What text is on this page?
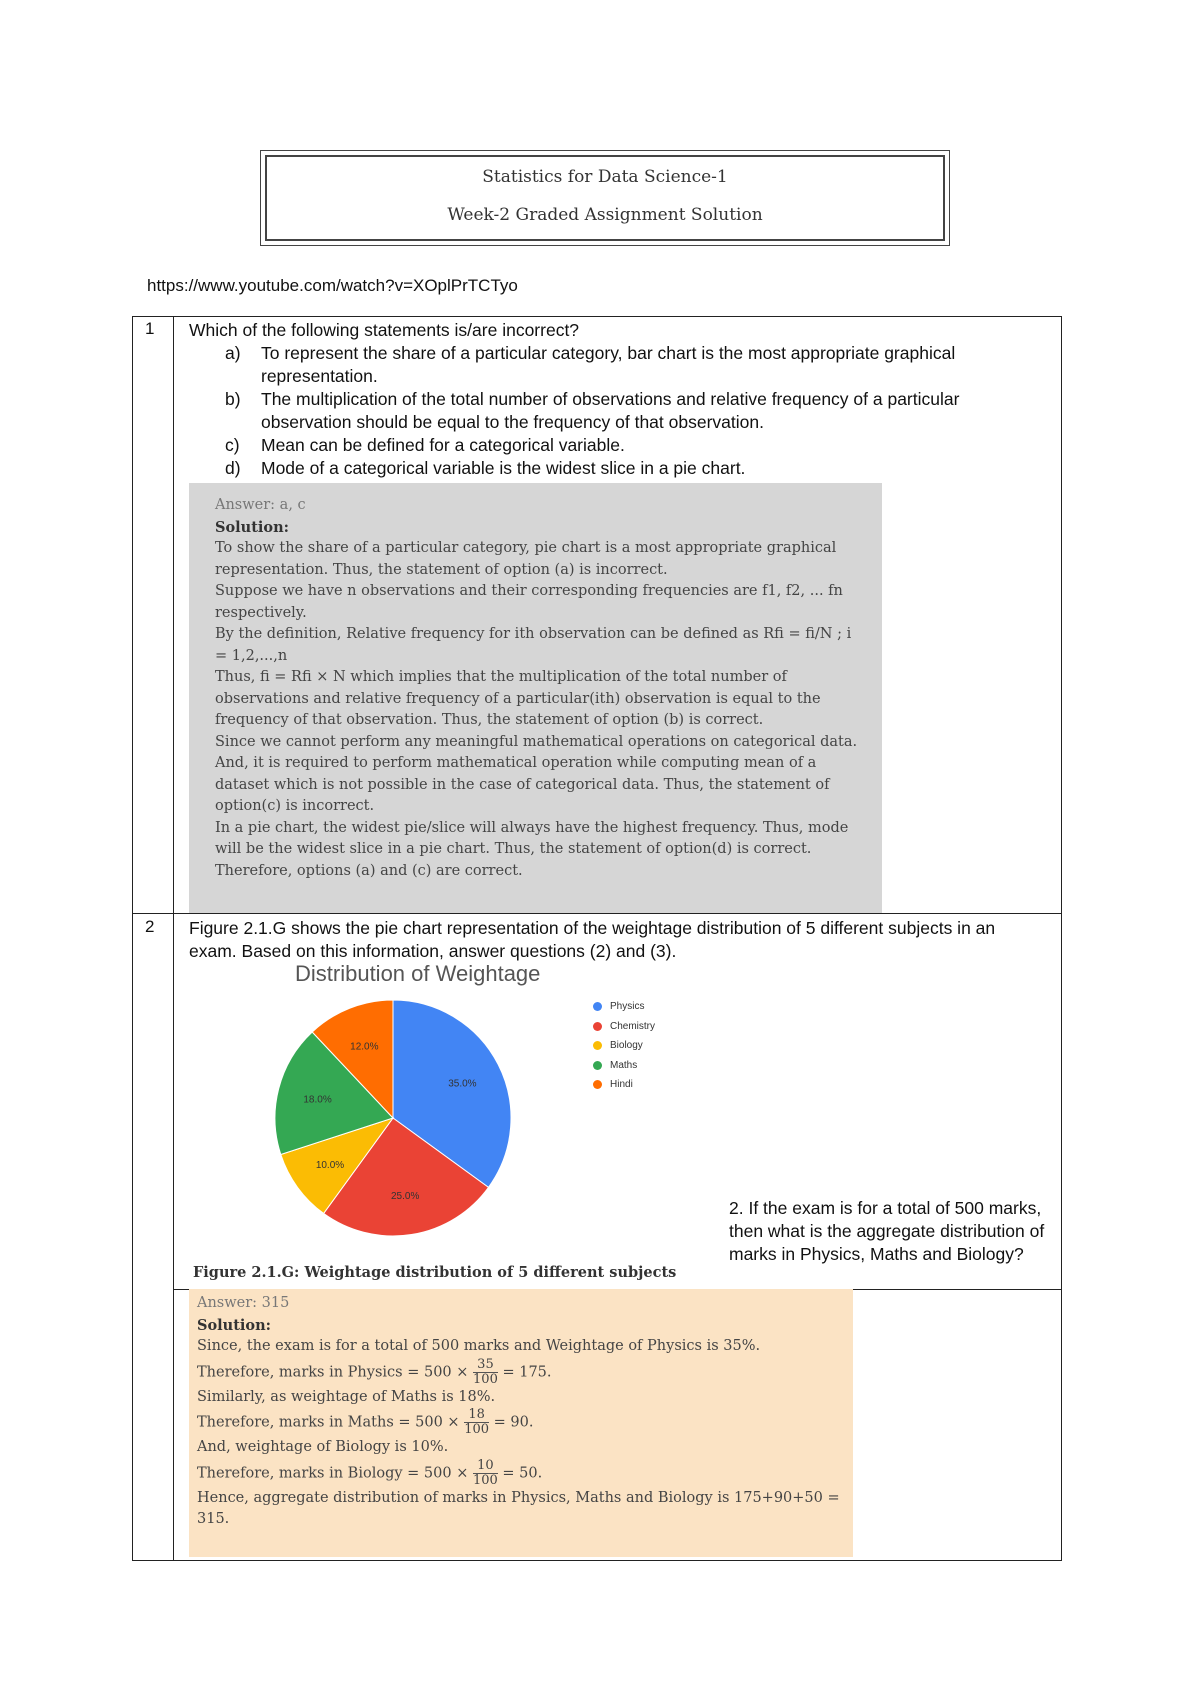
Statistics for Data Science-1
Week-2 Graded Assignment Solution
https://www.youtube.com/watch?v=XOplPrTCTyo
1 Which of the following statements is/are incorrect?
a) To represent the share of a particular category, bar chart is the most appropriate graphical representation.
b) The multiplication of the total number of observations and relative frequency of a particular observation should be equal to the frequency of that observation.
c) Mean can be defined for a categorical variable.
d) Mode of a categorical variable is the widest slice in a pie chart.

Answer: a, c

Solution:

To show the share of a particular category, pie chart is a most appropriate graphical representation. Thus, the statement of option (a) is incorrect.

Suppose we have n observations and their corresponding frequencies are f1, f2, ... fn respectively.

By the definition, Relative frequency for ith observation can be defined as Rfi = fi/N ; i = 1,2,...,n

Thus, fi = Rfi × N which implies that the multiplication of the total number of observations and relative frequency of a particular(ith) observation is equal to the frequency of that observation. Thus, the statement of option (b) is correct.

Since we cannot perform any meaningful mathematical operations on categorical data. And, it is required to perform mathematical operation while computing mean of a dataset which is not possible in the case of categorical data. Thus, the statement of option(c) is incorrect.

In a pie chart, the widest pie/slice will always have the highest frequency. Thus, mode will be the widest slice in a pie chart. Thus, the statement of option(d) is correct.

Therefore, options (a) and (c) are correct.

2 Figure 2.1.G shows the pie chart representation of the weightage distribution of 5 different subjects in an exam. Based on this information, answer questions (2) and (3).
Distribution of Weightage
35.0%
25.0%
10.0%
18.0%
12.0%
Physics
Chemistry
Biology
Maths
Hindi
Figure 2.1.G: Weightage distribution of 5 different subjects
2. If the exam is for a total of 500 marks, then what is the aggregate distribution of marks in Physics, Maths and Biology?

Answer: 315

Solution:

Since, the exam is for a total of 500 marks and Weightage of Physics is 35%.

Therefore, marks in Physics = $500 \times \frac{35}{100} = 175$.

Similarly, as weightage of Maths is 18%.

Therefore, marks in Maths = $500 \times \frac{18}{100} = 90$.

And, weightage of Biology is 10%.

Therefore, marks in $Biology = 500 \times \frac{10}{100} = 50$.

Hence, aggregate distribution of marks in Physics, Maths and Biology is 175+90+50 = 315.
